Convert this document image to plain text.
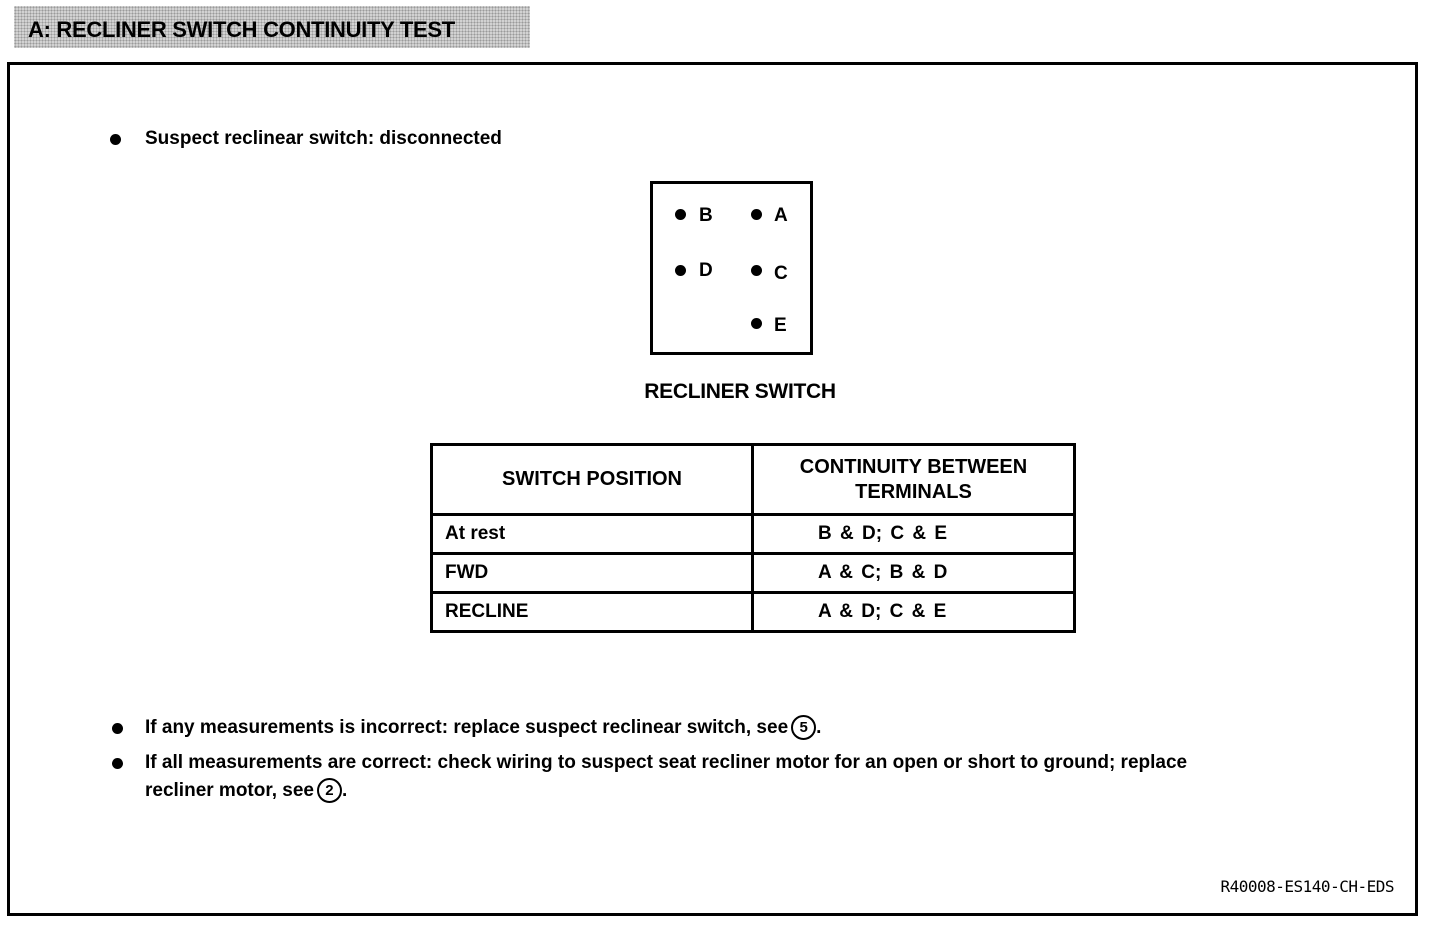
A: RECLINER SWITCH CONTINUITY TEST
Suspect reclinear switch: disconnected
B	A
D	C
E
RECLINER SWITCH
SWITCH POSITION	CONTINUITY BETWEEN TERMINALS

At rest	B & D; C & E
FWD	A & C; B & D
RECLINE	A & D; C & E
If any measurements is incorrect: replace suspect reclinear switch, see 5 .
If all measurements are correct: check wiring to suspect seat recliner motor for an open or short to ground; replace
recliner motor, see 2 .
R40008-ES140-CH-EDS
